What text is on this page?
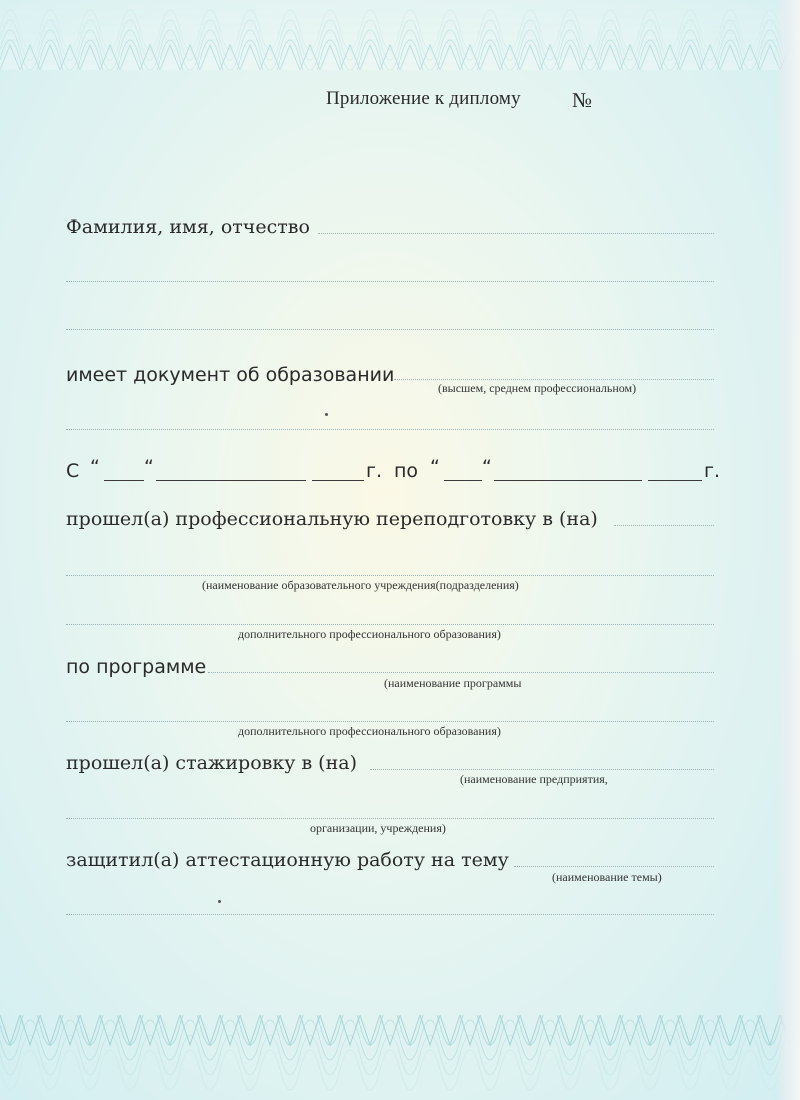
Приложение к диплому №
Фамилия, имя, отчество
имеет документ об образовании
(высшем, среднем профессиональном)
С “ “	г. по “ “	г.
прошел(а) профессиональную переподготовку в (на)
(наименование образовательного учреждения(подразделения)
дополнительного профессионального образования)
по программе
(наименование программы
дополнительного профессионального образования)
прошел(а) стажировку в (на)
(наименование предприятия,
организации, учреждения)
защитил(а) аттестационную работу на тему
(наименование темы)
